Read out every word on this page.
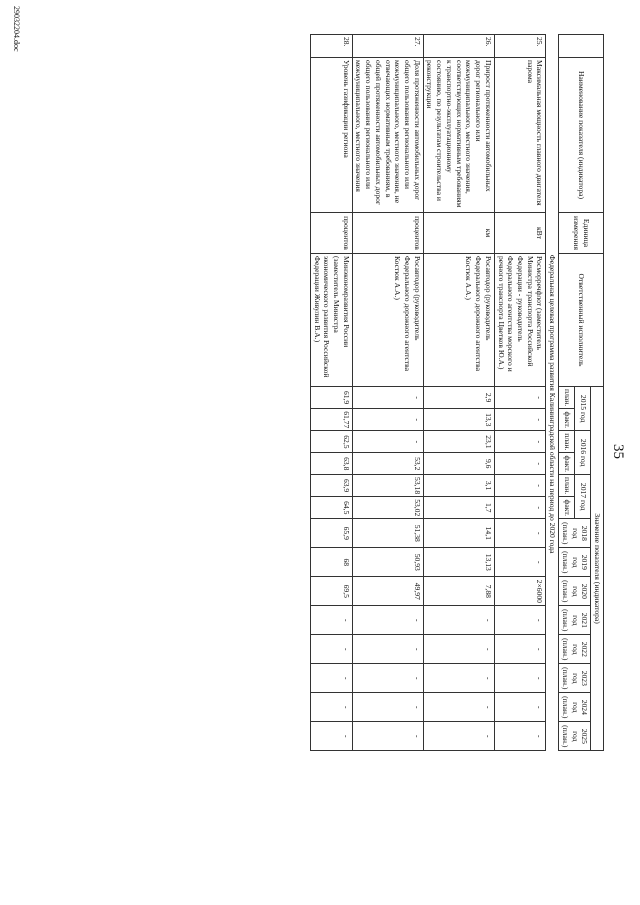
35
	Наименование показателя (индикатора)	Единица измерения	Ответственный исполнитель	Значение показателя (индикатора)													
				2015 год		2016 год		2017 год		2018 год (план.)	2019 год (план.)	2020 год (план.)	2021 год (план.)	2022 год (план.)	2023 год (план.)	2024 год (план.)	2025 год (план.)
				план.	факт.	план.	факт.	план.	факт.								
	Федеральная целевая программа развития Калининградской области на период до 2020 года																
25.	Максимальная мощность главного двигателя парома	кВт	Росморречфлот (заместитель Министра транспорта Российской Федерации - руководитель Федерального агентства морского и речного транспорта Цветков Ю.А.)	-	-	-	-	-	-	-	-	2×6000	-	-	-	-	-
26.	Прирост протяженности автомобильных дорог регионального или межмуниципального, местного значения, соответствующих нормативным требованиям к транспортно-эксплуатационному состоянию, по результатам строительства и реконструкции	км	Росавтодор (руководитель Федерального дорожного агентства Костюк А.А.)	2,9	13,3	23,1	9,6	3,1	1,7	14,1	13,13	7,88	-	-	-	-	-
27.	Доля протяженности автомобильных дорог общего пользования регионального или межмуниципального, местного значения, не отвечающих нормативным требованиям, в общей протяженности автомобильных дорог общего пользования регионального или межмуниципального, местного значения	процентов	Росавтодор (руководитель Федерального дорожного агентства Костюк А.А.)	-	-	-	53,2	53,18	53,02	51,38	50,93	49,97	-	-	-	-	-
28.	Уровень газификации региона	процентов	Минэкономразвития России (заместитель Министра экономического развития Российской Федерации Живулин В.А.)	61,9	61,77	62,5	63,8	63,9	64,5	65,9	68	69,5	-	-	-	-	-
2903220​4.doc
